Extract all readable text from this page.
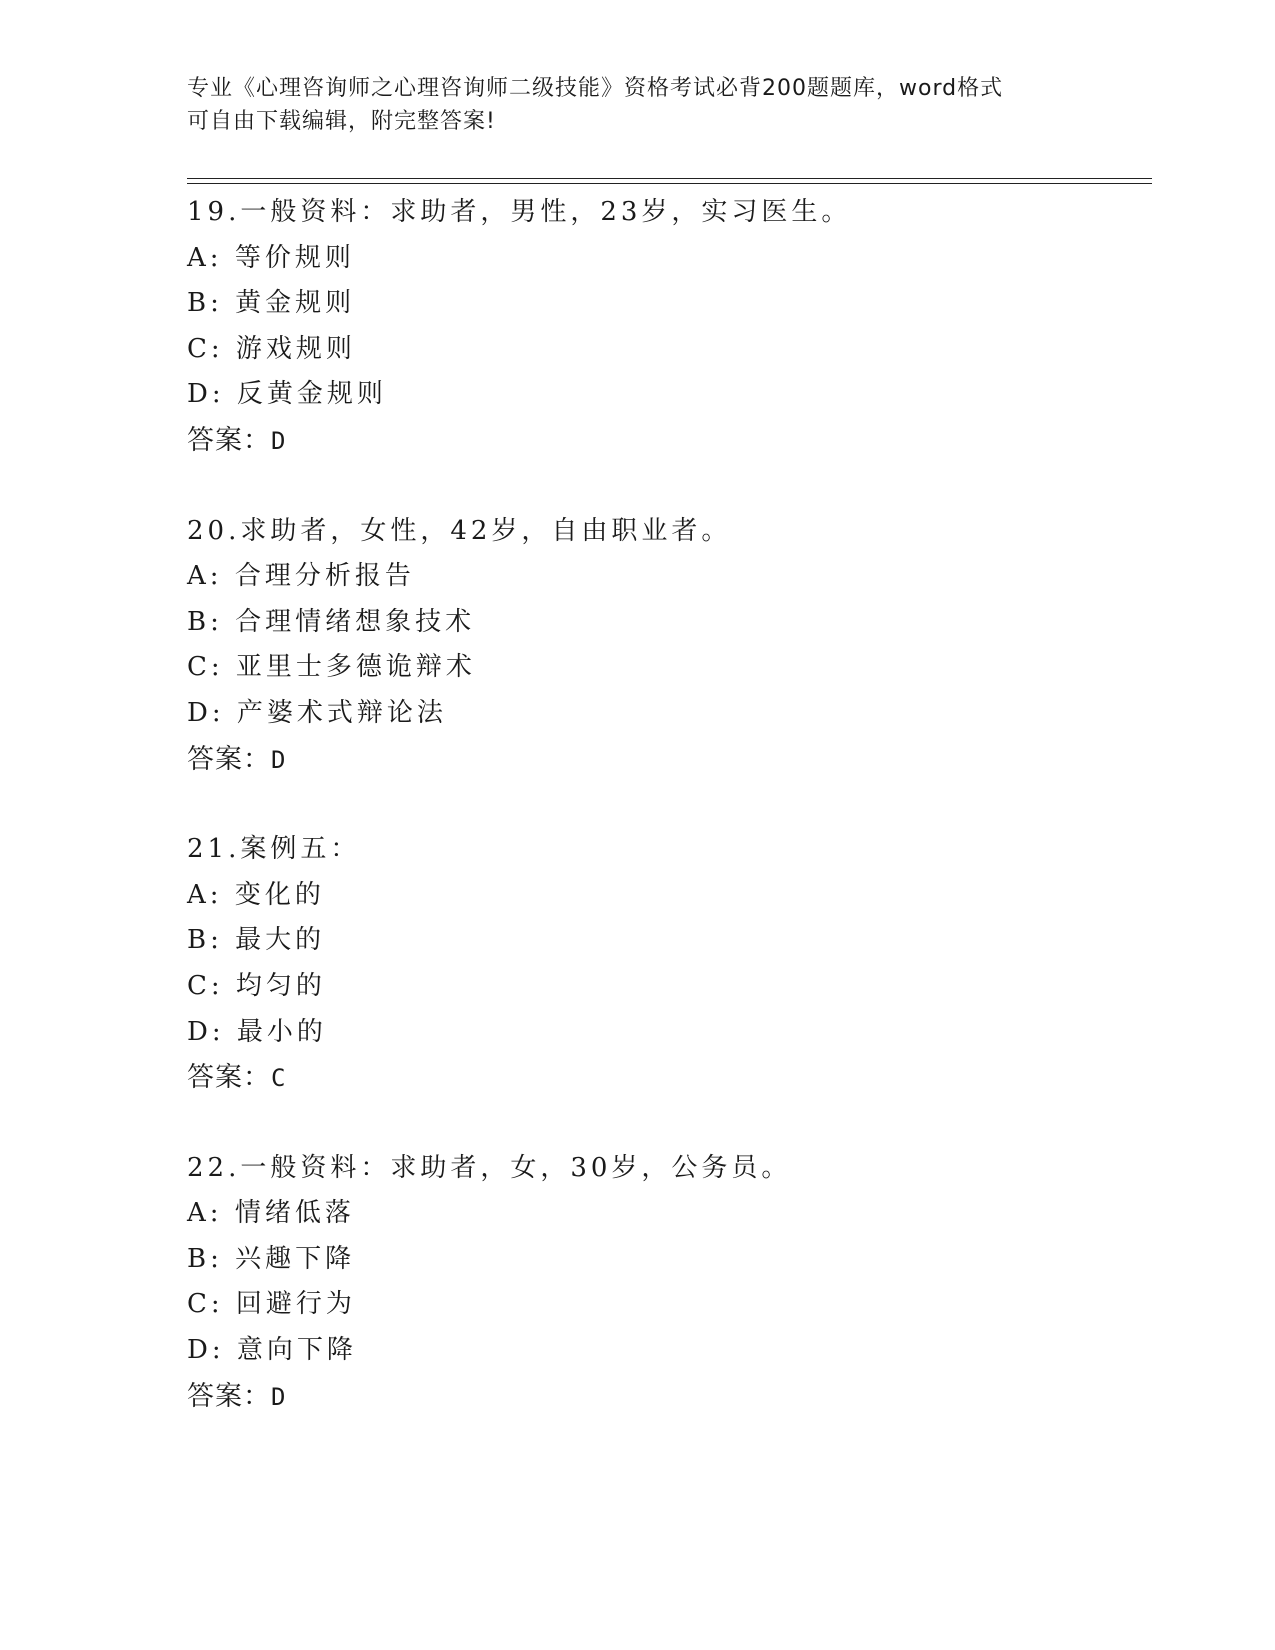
专业《心理咨询师之心理咨询师二级技能》资格考试必背200题题库，word格式
可自由下载编辑，附完整答案!
19.一般资料：求助者，男性，23岁，实习医生。
A: 等价规则
B: 黄金规则
C: 游戏规则
D: 反黄金规则
答案：D
20.求助者，女性，42岁，自由职业者。
A: 合理分析报告
B: 合理情绪想象技术
C: 亚里士多德诡辩术
D: 产婆术式辩论法
答案：D
21.案例五：
A: 变化的
B: 最大的
C: 均匀的
D: 最小的
答案：C
22.一般资料：求助者，女，30岁，公务员。
A: 情绪低落
B: 兴趣下降
C: 回避行为
D: 意向下降
答案：D
